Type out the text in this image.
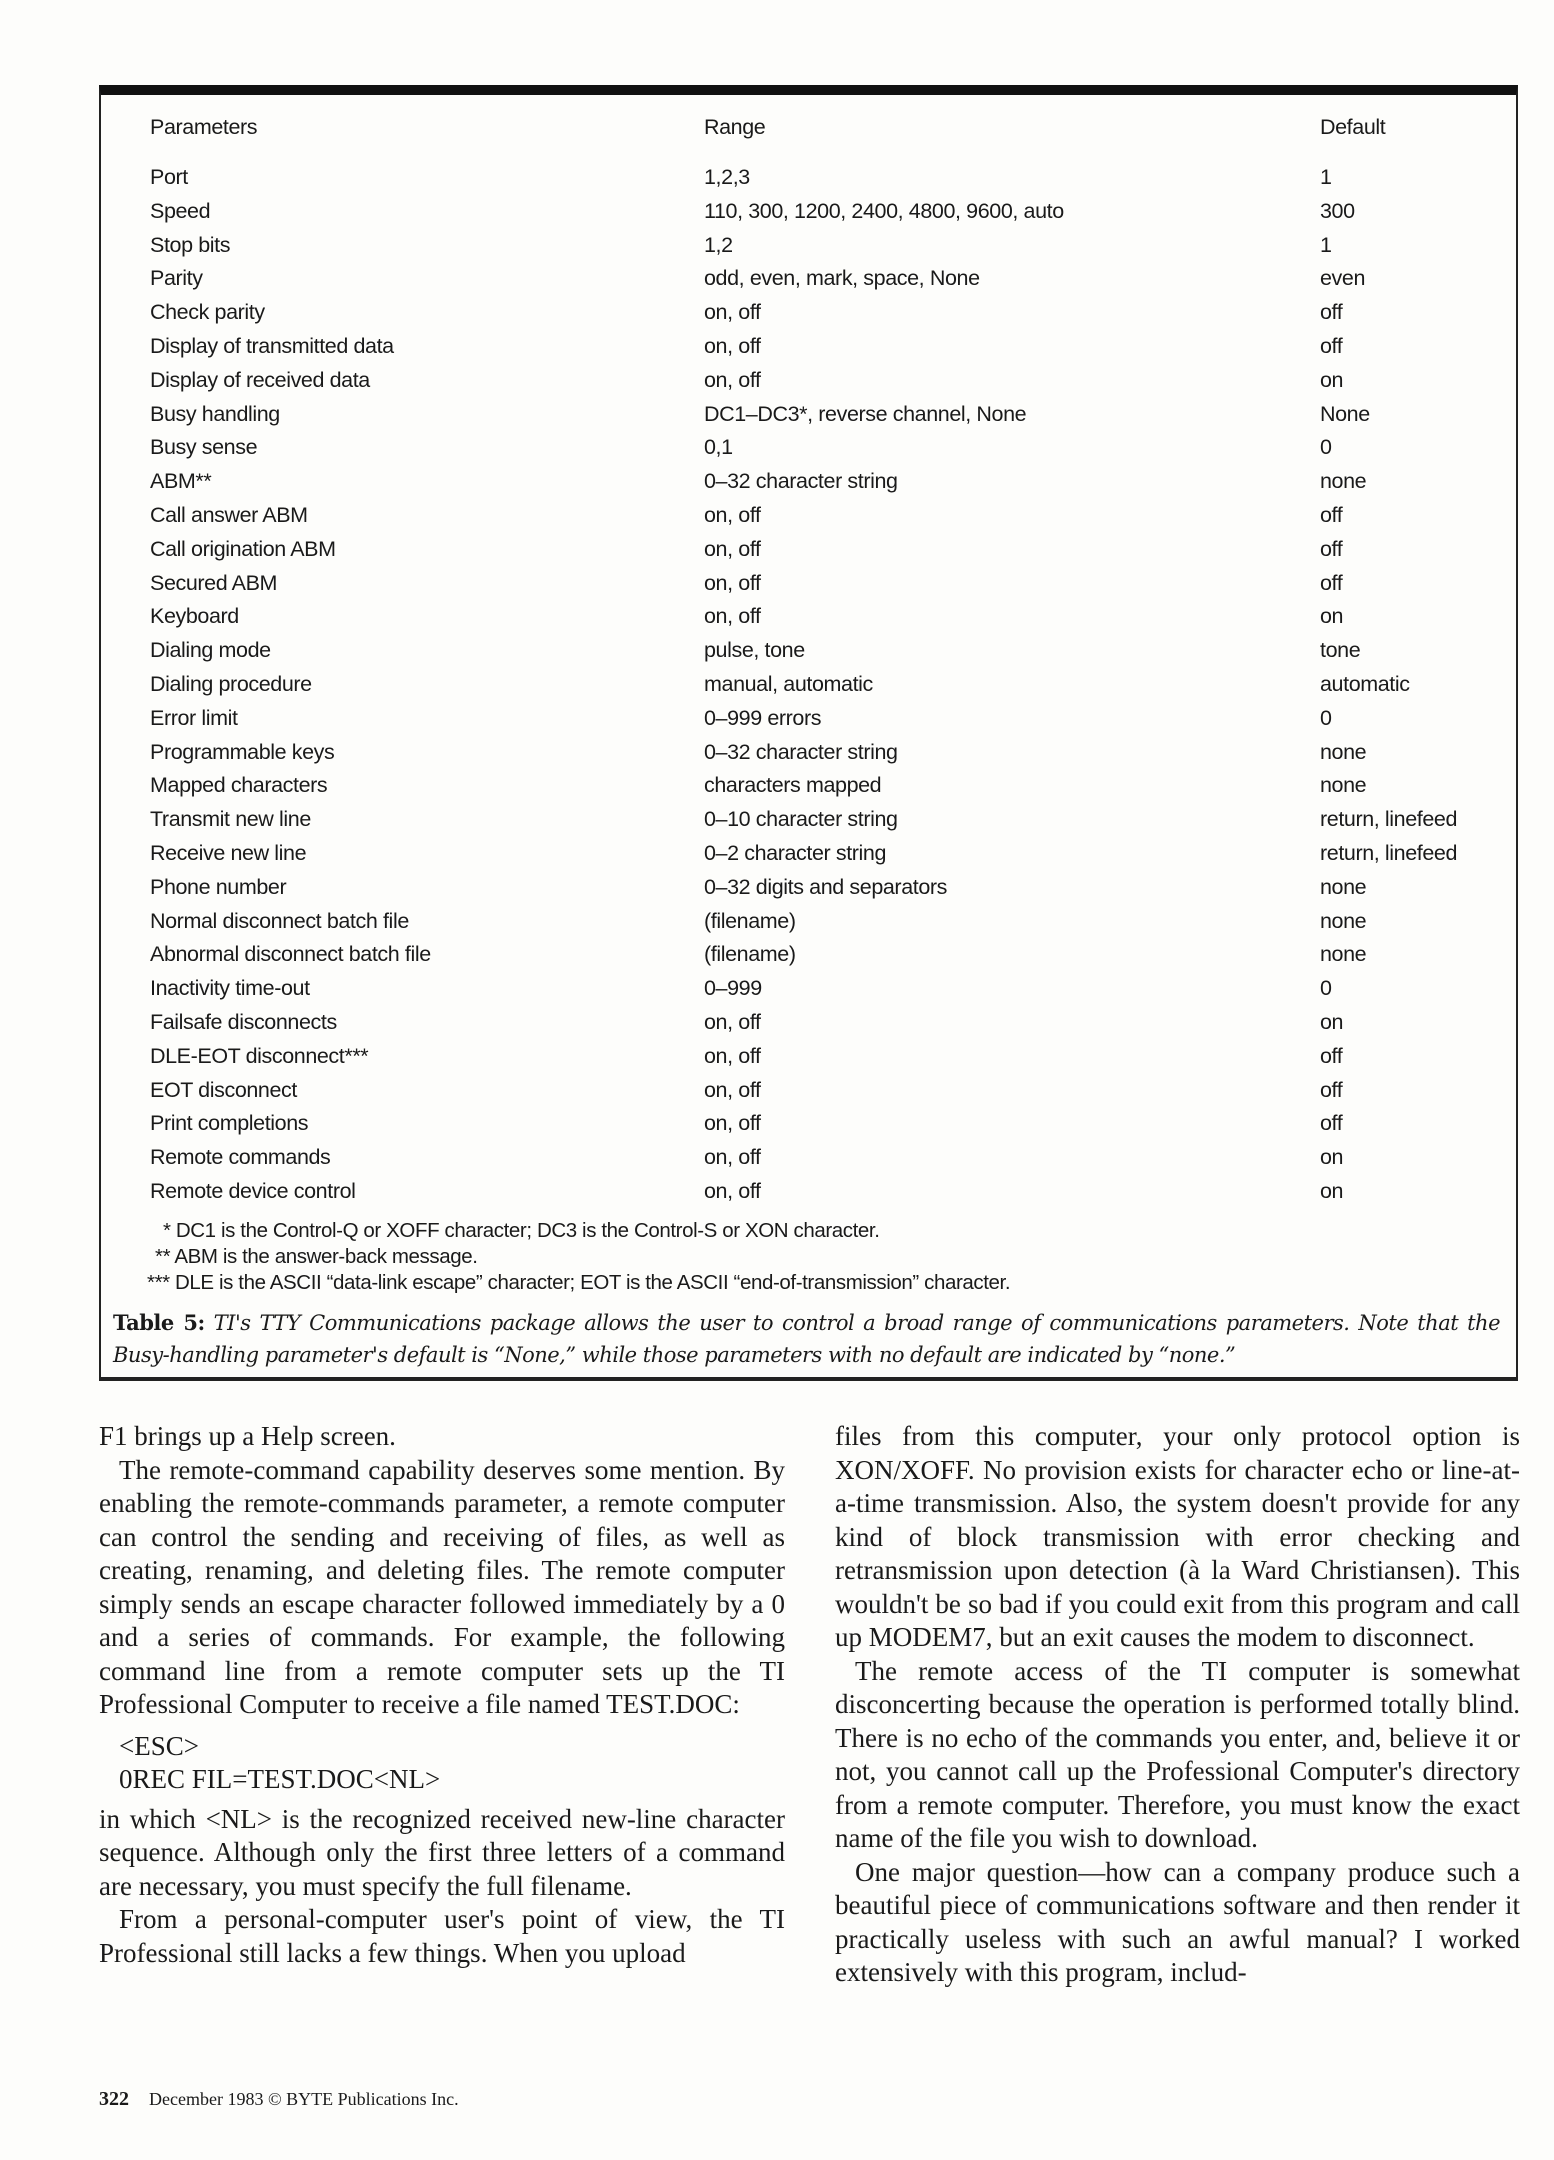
Parameters	Range	Default
Port	1,2,3	1
Speed	110, 300, 1200, 2400, 4800, 9600, auto	300
Stop bits	1,2	1
Parity	odd, even, mark, space, None	even
Check parity	on, off	off
Display of transmitted data	on, off	off
Display of received data	on, off	on
Busy handling	DC1–DC3*, reverse channel, None	None
Busy sense	0,1	0
ABM**	0–32 character string	none
Call answer ABM	on, off	off
Call origination ABM	on, off	off
Secured ABM	on, off	off
Keyboard	on, off	on
Dialing mode	pulse, tone	tone
Dialing procedure	manual, automatic	automatic
Error limit	0–999 errors	0
Programmable keys	0–32 character string	none
Mapped characters	characters mapped	none
Transmit new line	0–10 character string	return, linefeed
Receive new line	0–2 character string	return, linefeed
Phone number	0–32 digits and separators	none
Normal disconnect batch file	(filename)	none
Abnormal disconnect batch file	(filename)	none
Inactivity time-out	0–999	0
Failsafe disconnects	on, off	on
DLE-EOT disconnect***	on, off	off
EOT disconnect	on, off	off
Print completions	on, off	off
Remote commands	on, off	on
Remote device control	on, off	on
* DC1 is the Control-Q or XOFF character; DC3 is the Control-S or XON character.
** ABM is the answer-back message.
*** DLE is the ASCII “data-link escape” character; EOT is the ASCII “end-of-transmission” character.
Table 5: TI's TTY Communications package allows the user to control a broad range of communications parameters. Note that the Busy-handling parameter's default is “None,” while those parameters with no default are indicated by “none.”

F1 brings up a Help screen.

The remote-command capability deserves some mention. By enabling the remote-commands parameter, a remote computer can control the sending and receiving of files, as well as creating, renaming, and deleting files. The remote computer simply sends an escape character followed immediately by a 0 and a series of commands. For example, the following command line from a remote computer sets up the TI Professional Computer to receive a file named TEST.DOC:

<ESC>
0REC FIL=TEST.DOC<NL>

in which <NL> is the recognized received new-line character sequence. Although only the first three letters of a command are necessary, you must specify the full filename.

From a personal-computer user's point of view, the TI Professional still lacks a few things. When you upload

files from this computer, your only protocol option is XON/XOFF. No provision exists for character echo or line-at-a-time transmission. Also, the system doesn't provide for any kind of block transmission with error checking and retransmission upon detection (à la Ward Christiansen). This wouldn't be so bad if you could exit from this program and call up MODEM7, but an exit causes the modem to disconnect.

The remote access of the TI computer is somewhat disconcerting because the operation is performed totally blind. There is no echo of the commands you enter, and, believe it or not, you cannot call up the Professional Computer's directory from a remote computer. Therefore, you must know the exact name of the file you wish to download.

One major question—how can a company produce such a beautiful piece of communications software and then render it practically useless with such an awful manual? I worked extensively with this program, includ-

322 December 1983 © BYTE Publications Inc.
